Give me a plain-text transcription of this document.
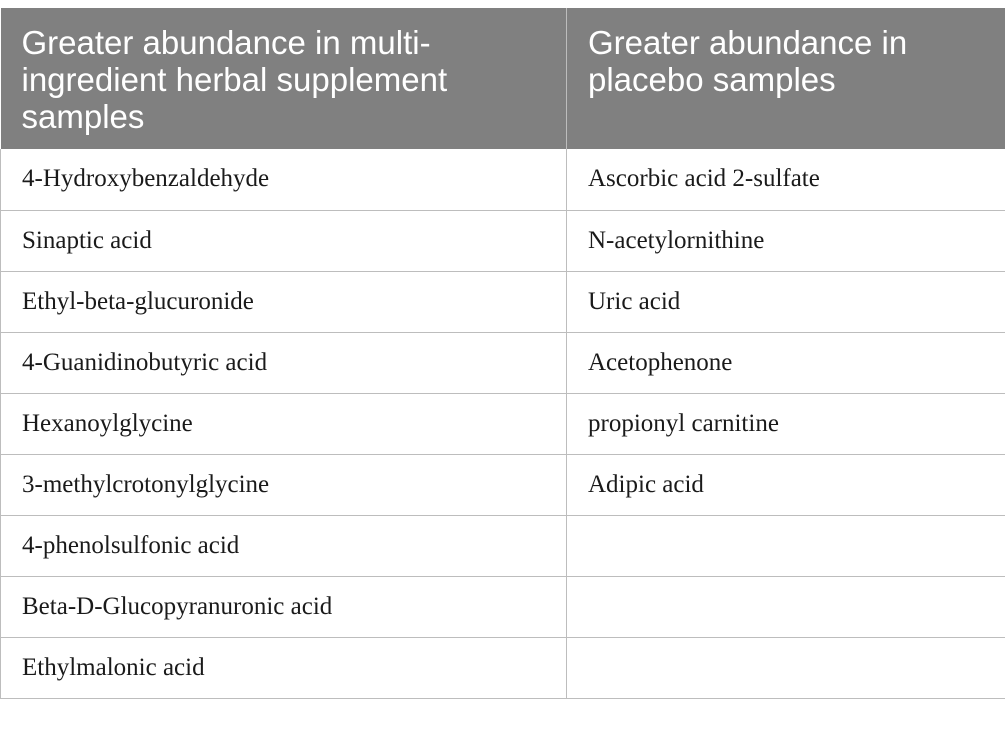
Greater abundance in multi-ingredient herbal supplement samples	Greater abundance in placebo samples
4-Hydroxybenzaldehyde	Ascorbic acid 2-sulfate
Sinaptic acid	N-acetylornithine
Ethyl-beta-glucuronide	Uric acid
4-Guanidinobutyric acid	Acetophenone
Hexanoylglycine	propionyl carnitine
3-methylcrotonylglycine	Adipic acid
4-phenolsulfonic acid	
Beta-D-Glucopyranuronic acid	
Ethylmalonic acid	
